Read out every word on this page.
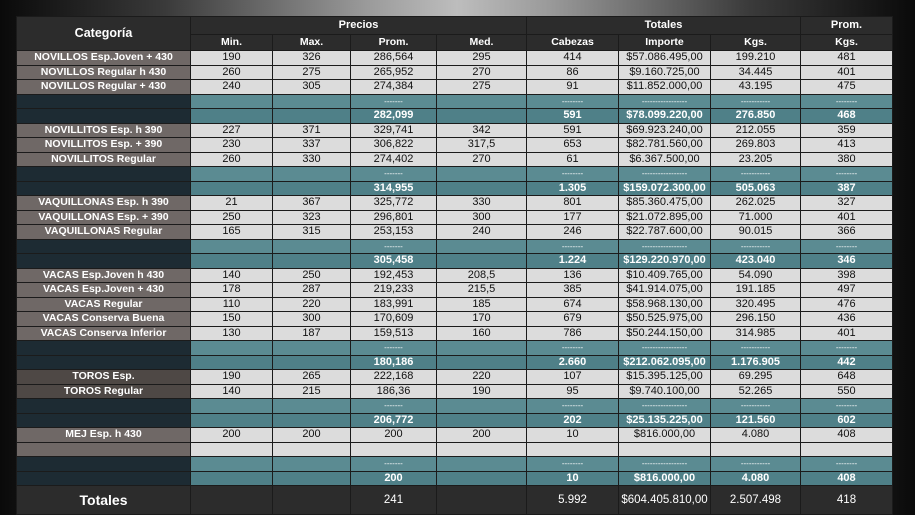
Categoría	Precios				Totales			Prom.
	Min.	Max.	Prom.	Med.	Cabezas	Importe	Kgs.	Kgs.
NOVILLOS Esp.Joven + 430	190	326	286,564	295	414	$57.086.495,00	199.210	481
NOVILLOS Regular h 430	260	275	265,952	270	86	$9.160.725,00	34.445	401
NOVILLOS Regular + 430	240	305	274,384	275	91	$11.852.000,00	43.195	475
			-------		--------	-----------------	-----------	--------
			282,099		591	$78.099.220,00	276.850	468
NOVILLITOS Esp. h 390	227	371	329,741	342	591	$69.923.240,00	212.055	359
NOVILLITOS Esp. + 390	230	337	306,822	317,5	653	$82.781.560,00	269.803	413
NOVILLITOS Regular	260	330	274,402	270	61	$6.367.500,00	23.205	380
			-------		--------	-----------------	-----------	--------
			314,955		1.305	$159.072.300,00	505.063	387
VAQUILLONAS Esp. h 390	21	367	325,772	330	801	$85.360.475,00	262.025	327
VAQUILLONAS Esp. + 390	250	323	296,801	300	177	$21.072.895,00	71.000	401
VAQUILLONAS Regular	165	315	253,153	240	246	$22.787.600,00	90.015	366
			-------		--------	-----------------	-----------	--------
			305,458		1.224	$129.220.970,00	423.040	346
VACAS Esp.Joven h 430	140	250	192,453	208,5	136	$10.409.765,00	54.090	398
VACAS Esp.Joven + 430	178	287	219,233	215,5	385	$41.914.075,00	191.185	497
VACAS Regular	110	220	183,991	185	674	$58.968.130,00	320.495	476
VACAS Conserva Buena	150	300	170,609	170	679	$50.525.975,00	296.150	436
VACAS Conserva Inferior	130	187	159,513	160	786	$50.244.150,00	314.985	401
			-------		--------	-----------------	-----------	--------
			180,186		2.660	$212.062.095,00	1.176.905	442
TOROS Esp.	190	265	222,168	220	107	$15.395.125,00	69.295	648
TOROS Regular	140	215	186,36	190	95	$9.740.100,00	52.265	550
			-------		--------	-----------------	-----------	--------
			206,772		202	$25.135.225,00	121.560	602
MEJ Esp. h 430	200	200	200	200	10	$816.000,00	4.080	408

			-------		--------	-----------------	-----------	--------
			200		10	$816.000,00	4.080	408
Totales			241		5.992	$604.405.810,00	2.507.498	418
